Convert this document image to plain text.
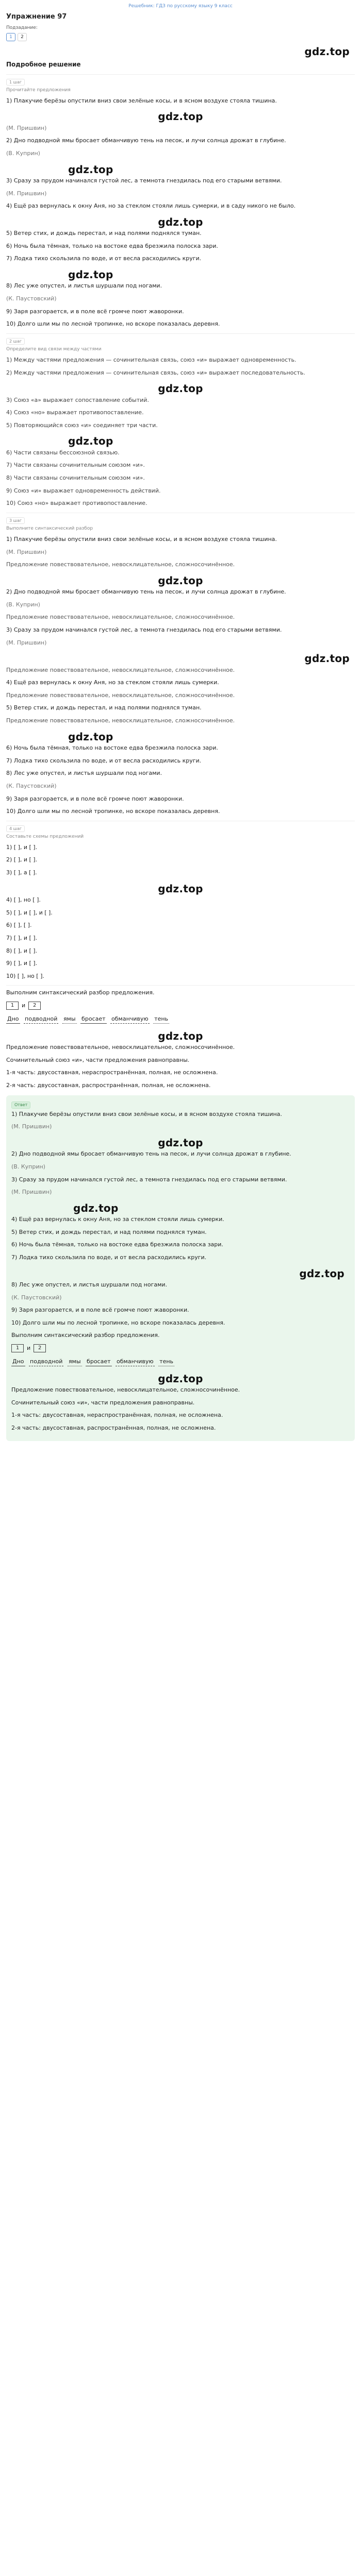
Решебник: ГДЗ по русскому языку 9 класс
Упражнение 97
Подзадание:
1	2
gdz.top
Подробное решение
1 шаг
Прочитайте предложения

1) Плакучие берёзы опустили вниз свои зелёные косы, и в ясном воздухе стояла тишина.

gdz.top

(М. Пришвин)

2) Дно подводной ямы бросает обманчивую тень на песок, и лучи солнца дрожат в глубине.

(В. Куприн)

gdz.top

3) Сразу за прудом начинался густой лес, а темнота гнездилась под его старыми ветвями.

(М. Пришвин)

4) Ещё раз вернулась к окну Аня, но за стеклом стояли лишь сумерки, и в саду никого не было.

gdz.top

5) Ветер стих, и дождь перестал, и над полями поднялся туман.

6) Ночь была тёмная, только на востоке едва брезжила полоска зари.

7) Лодка тихо скользила по воде, и от весла расходились круги.

gdz.top

8) Лес уже опустел, и листья шуршали под ногами.

(К. Паустовский)

9) Заря разгорается, и в поле всё громче поют жаворонки.

10) Долго шли мы по лесной тропинке, но вскоре показалась деревня.

2 шаг
Определите вид связи между частями

1) Между частями предложения — сочинительная связь, союз «и» выражает одновременность.

2) Между частями предложения — сочинительная связь, союз «и» выражает последовательность.

gdz.top

3) Союз «а» выражает сопоставление событий.

4) Союз «но» выражает противопоставление.

5) Повторяющийся союз «и» соединяет три части.

gdz.top

6) Части связаны бессоюзной связью.

7) Части связаны сочинительным союзом «и».

8) Части связаны сочинительным союзом «и».

9) Союз «и» выражает одновременность действий.

10) Союз «но» выражает противопоставление.

3 шаг
Выполните синтаксический разбор

1) Плакучие берёзы опустили вниз свои зелёные косы, и в ясном воздухе стояла тишина.

(М. Пришвин)

Предложение повествовательное, невосклицательное, сложносочинённое.

gdz.top

2) Дно подводной ямы бросает обманчивую тень на песок, и лучи солнца дрожат в глубине.

(В. Куприн)

Предложение повествовательное, невосклицательное, сложносочинённое.

3) Сразу за прудом начинался густой лес, а темнота гнездилась под его старыми ветвями.

(М. Пришвин)

gdz.top

Предложение повествовательное, невосклицательное, сложносочинённое.

4) Ещё раз вернулась к окну Аня, но за стеклом стояли лишь сумерки.

Предложение повествовательное, невосклицательное, сложносочинённое.

5) Ветер стих, и дождь перестал, и над полями поднялся туман.

Предложение повествовательное, невосклицательное, сложносочинённое.

gdz.top

6) Ночь была тёмная, только на востоке едва брезжила полоска зари.

7) Лодка тихо скользила по воде, и от весла расходились круги.

8) Лес уже опустел, и листья шуршали под ногами.

(К. Паустовский)

9) Заря разгорается, и в поле всё громче поют жаворонки.

10) Долго шли мы по лесной тропинке, но вскоре показалась деревня.

4 шаг
Составьте схемы предложений

1) [ ], и [ ].

2) [ ], и [ ].

3) [ ], а [ ].

gdz.top

4) [ ], но [ ].

5) [ ], и [ ], и [ ].

6) [ ], [ ].

7) [ ], и [ ].

8) [ ], и [ ].

9) [ ], и [ ].

10) [ ], но [ ].

Выполним синтаксический разбор предложения.

1	и	2
Дно подводной ямы бросает обманчивую тень
gdz.top

Предложение повествовательное, невосклицательное, сложносочинённое.

Сочинительный союз «и», части предложения равноправны.

1-я часть: двусоставная, нераспространённая, полная, не осложнена.

2-я часть: двусоставная, распространённая, полная, не осложнена.

Ответ

1) Плакучие берёзы опустили вниз свои зелёные косы, и в ясном воздухе стояла тишина.

(М. Пришвин)

gdz.top

2) Дно подводной ямы бросает обманчивую тень на песок, и лучи солнца дрожат в глубине.

(В. Куприн)

3) Сразу за прудом начинался густой лес, а темнота гнездилась под его старыми ветвями.

(М. Пришвин)

gdz.top

4) Ещё раз вернулась к окну Аня, но за стеклом стояли лишь сумерки.

5) Ветер стих, и дождь перестал, и над полями поднялся туман.

6) Ночь была тёмная, только на востоке едва брезжила полоска зари.

7) Лодка тихо скользила по воде, и от весла расходились круги.

gdz.top

8) Лес уже опустел, и листья шуршали под ногами.

(К. Паустовский)

9) Заря разгорается, и в поле всё громче поют жаворонки.

10) Долго шли мы по лесной тропинке, но вскоре показалась деревня.

Выполним синтаксический разбор предложения.

1	и	2
Дно подводной ямы бросает обманчивую тень
gdz.top

Предложение повествовательное, невосклицательное, сложносочинённое.

Сочинительный союз «и», части предложения равноправны.

1-я часть: двусоставная, нераспространённая, полная, не осложнена.

2-я часть: двусоставная, распространённая, полная, не осложнена.
